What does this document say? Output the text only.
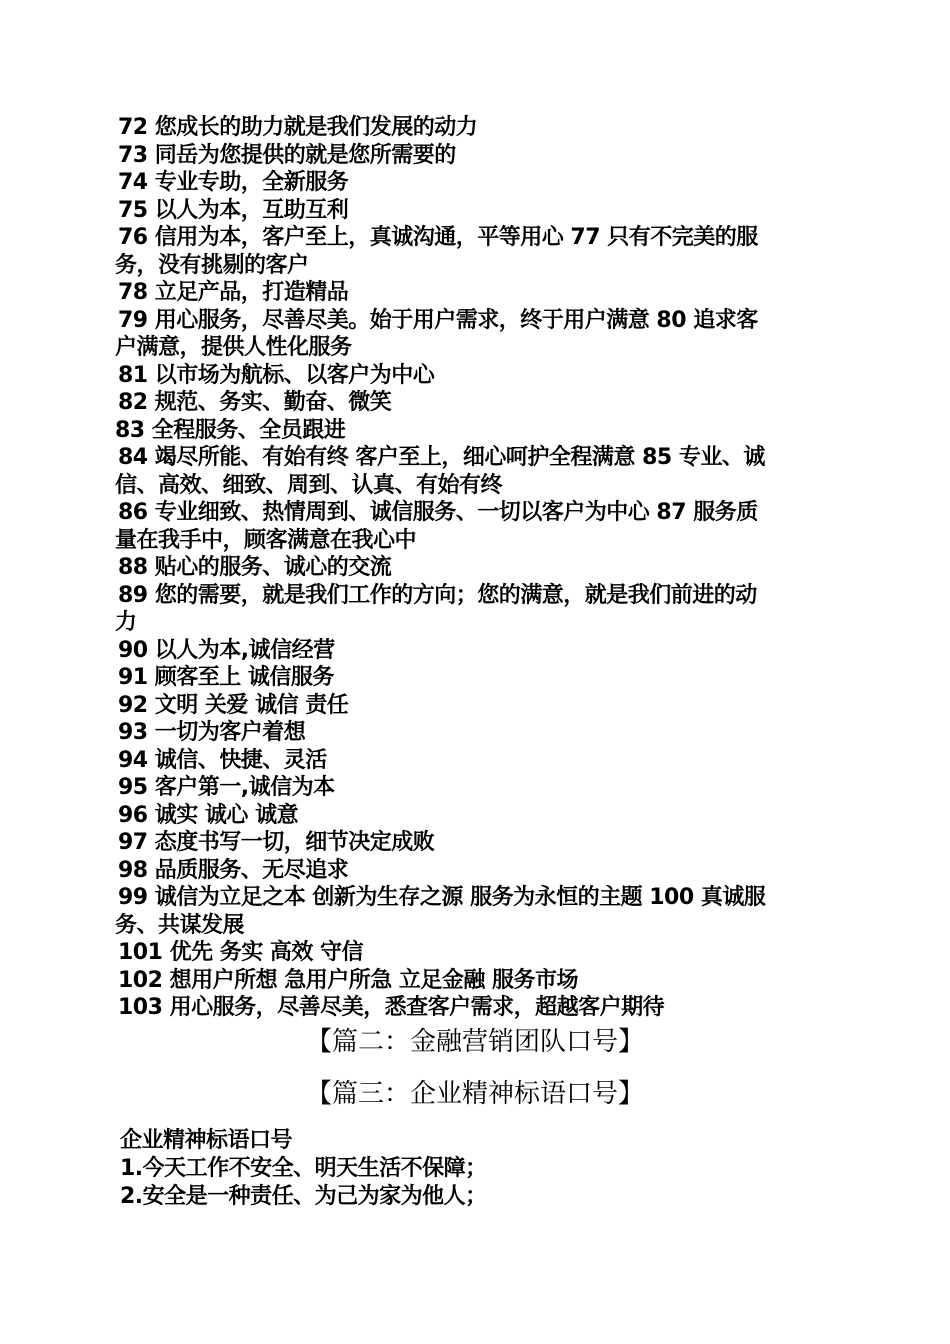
72 您成长的助力就是我们发展的动力
73 同岳为您提供的就是您所需要的
74 专业专助，全新服务
75 以人为本，互助互利
76 信用为本，客户至上，真诚沟通，平等用心 77 只有不完美的服
务，没有挑剔的客户
78 立足产品，打造精品
79 用心服务，尽善尽美。始于用户需求，终于用户满意 80 追求客
户满意，提供人性化服务
81 以市场为航标、以客户为中心
82 规范、务实、勤奋、微笑
83 全程服务、全员跟进
84 竭尽所能、有始有终 客户至上，细心呵护全程满意 85 专业、诚
信、高效、细致、周到、认真、有始有终
86 专业细致、热情周到、诚信服务、一切以客户为中心 87 服务质
量在我手中，顾客满意在我心中
88 贴心的服务、诚心的交流
89 您的需要，就是我们工作的方向；您的满意，就是我们前进的动
力
90 以人为本,诚信经营
91 顾客至上 诚信服务
92 文明 关爱 诚信 责任
93 一切为客户着想
94 诚信、快捷、灵活
95 客户第一,诚信为本
96 诚实 诚心 诚意
97 态度书写一切，细节决定成败
98 品质服务、无尽追求
99 诚信为立足之本 创新为生存之源 服务为永恒的主题 100 真诚服
务、共谋发展
101 优先 务实 高效 守信
102 想用户所想 急用户所急 立足金融 服务市场
103 用心服务，尽善尽美，悉查客户需求，超越客户期待
【篇二：金融营销团队口号】
【篇三：企业精神标语口号】
企业精神标语口号
1.今天工作不安全、明天生活不保障；
2.安全是一种责任、为己为家为他人；
